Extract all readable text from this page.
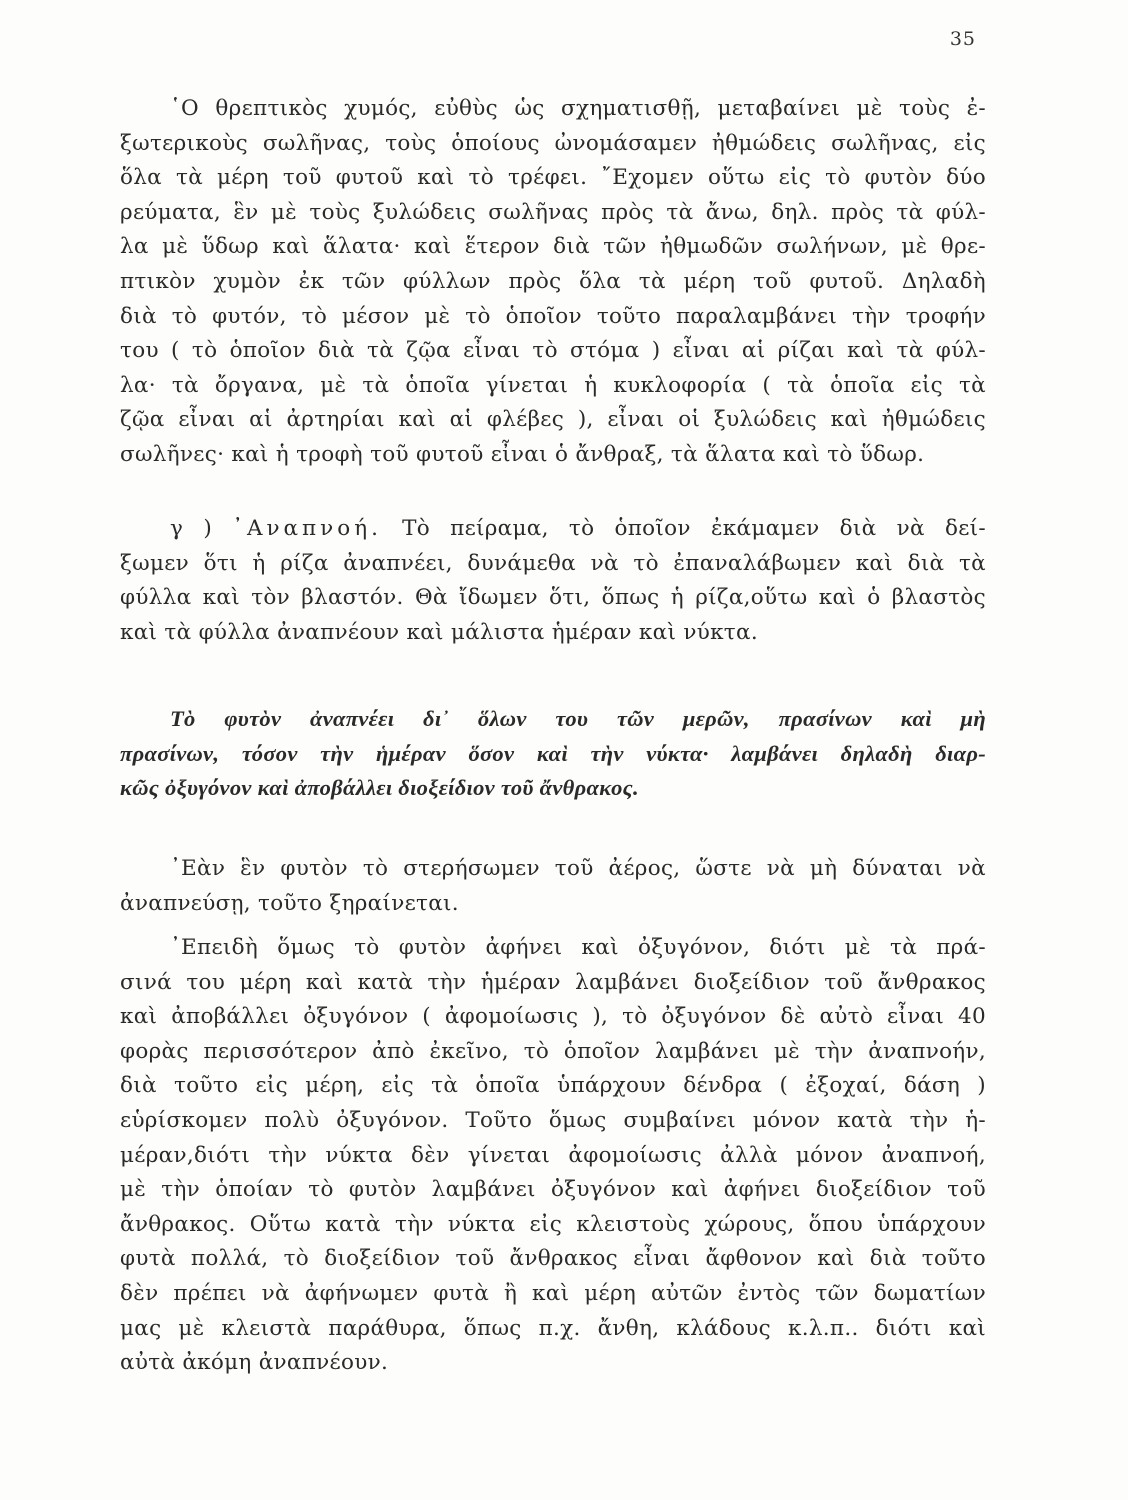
35
῾Ο θρεπτικὸς χυμός, εὐθὺς ὡς σχηματισθῇ, μεταβαίνει μὲ τοὺς ἐ-
ξωτερικοὺς σωλῆνας, τοὺς ὁποίους ὠνομάσαμεν ἠθμώδεις σωλῆνας, εἰς
ὅλα τὰ μέρη τοῦ φυτοῦ καὶ τὸ τρέφει. ῎Εχομεν οὕτω εἰς τὸ φυτὸν δύο
ρεύματα, ἓν μὲ τοὺς ξυλώδεις σωλῆνας πρὸς τὰ ἄνω, δηλ. πρὸς τὰ φύλ-
λα μὲ ὕδωρ καὶ ἅλατα· καὶ ἕτερον διὰ τῶν ἠθμωδῶν σωλήνων, μὲ θρε-
πτικὸν χυμὸν ἐκ τῶν φύλλων πρὸς ὅλα τὰ μέρη τοῦ φυτοῦ. Δηλαδὴ
διὰ τὸ φυτόν, τὸ μέσον μὲ τὸ ὁποῖον τοῦτο παραλαμβάνει τὴν τροφήν
του ( τὸ ὁποῖον διὰ τὰ ζῷα εἶναι τὸ στόμα ) εἶναι αἱ ρίζαι καὶ τὰ φύλ-
λα· τὰ ὄργανα, μὲ τὰ ὁποῖα γίνεται ἡ κυκλοφορία ( τὰ ὁποῖα εἰς τὰ
ζῷα εἶναι αἱ ἀρτηρίαι καὶ αἱ φλέβες ), εἶναι οἱ ξυλώδεις καὶ ἠθμώδεις
σωλῆνες· καὶ ἡ τροφὴ τοῦ φυτοῦ εἶναι ὁ ἄνθραξ, τὰ ἅλατα καὶ τὸ ὕδωρ.
γ ) ᾽Αναπνοή. Τὸ πείραμα, τὸ ὁποῖον ἐκάμαμεν διὰ νὰ δεί-
ξωμεν ὅτι ἡ ρίζα ἀναπνέει, δυνάμεθα νὰ τὸ ἐπαναλάβωμεν καὶ διὰ τὰ
φύλλα καὶ τὸν βλαστόν. Θὰ ἴδωμεν ὅτι, ὅπως ἡ ρίζα,οὕτω καὶ ὁ βλαστὸς
καὶ τὰ φύλλα ἀναπνέουν καὶ μάλιστα ἡμέραν καὶ νύκτα.
Τὸ φυτὸν ἀναπνέει δι᾽ ὅλων του τῶν μερῶν, πρασίνων καὶ μὴ
πρασίνων, τόσον τὴν ἡμέραν ὅσον καὶ τὴν νύκτα· λαμβάνει δηλαδὴ διαρ-
κῶς ὀξυγόνον καὶ ἀποβάλλει διοξείδιον τοῦ ἄνθρακος.
᾽Εὰν ἓν φυτὸν τὸ στερήσωμεν τοῦ ἀέρος, ὥστε νὰ μὴ δύναται νὰ
ἀναπνεύσῃ, τοῦτο ξηραίνεται.
᾽Επειδὴ ὅμως τὸ φυτὸν ἀφήνει καὶ ὀξυγόνον, διότι μὲ τὰ πρά-
σινά του μέρη καὶ κατὰ τὴν ἡμέραν λαμβάνει διοξείδιον τοῦ ἄνθρακος
καὶ ἀποβάλλει ὀξυγόνον ( ἀφομοίωσις ), τὸ ὀξυγόνον δὲ αὐτὸ εἶναι 40
φορὰς περισσότερον ἀπὸ ἐκεῖνο, τὸ ὁποῖον λαμβάνει μὲ τὴν ἀναπνοήν,
διὰ τοῦτο εἰς μέρη, εἰς τὰ ὁποῖα ὑπάρχουν δένδρα ( ἐξοχαί, δάση )
εὑρίσκομεν πολὺ ὀξυγόνον. Τοῦτο ὅμως συμβαίνει μόνον κατὰ τὴν ἡ-
μέραν,διότι τὴν νύκτα δὲν γίνεται ἀφομοίωσις ἀλλὰ μόνον ἀναπνοή,
μὲ τὴν ὁποίαν τὸ φυτὸν λαμβάνει ὀξυγόνον καὶ ἀφήνει διοξείδιον τοῦ
ἄνθρακος. Οὕτω κατὰ τὴν νύκτα εἰς κλειστοὺς χώρους, ὅπου ὑπάρχουν
φυτὰ πολλά, τὸ διοξείδιον τοῦ ἄνθρακος εἶναι ἄφθονον καὶ διὰ τοῦτο
δὲν πρέπει νὰ ἀφήνωμεν φυτὰ ἢ καὶ μέρη αὐτῶν ἐντὸς τῶν δωματίων
μας μὲ κλειστὰ παράθυρα, ὅπως π.χ. ἄνθη, κλάδους κ.λ.π.. διότι καὶ
αὐτὰ ἀκόμη ἀναπνέουν.
